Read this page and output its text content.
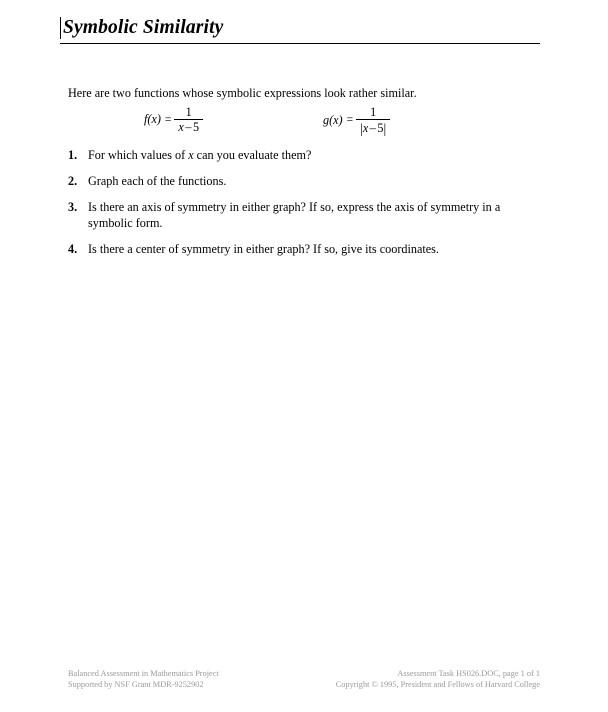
Symbolic Similarity

Here are two functions whose symbolic expressions look rather similar.

$f(x) = \frac{1}{x - 5}$	$g(x) = \frac{1}{|x - 5|}$
1. For which values of x can you evaluate them?
2. Graph each of the functions.
3. Is there an axis of symmetry in either graph? If so, express the axis of symmetry in a symbolic form.
4. Is there a center of symmetry in either graph? If so, give its coordinates.
Balanced Assessment in Mathematics Project
Supported by NSF Grant MDR-9252902
Assessment Task HS026.DOC, page 1 of 1
Copyright © 1995, President and Fellows of Harvard College
